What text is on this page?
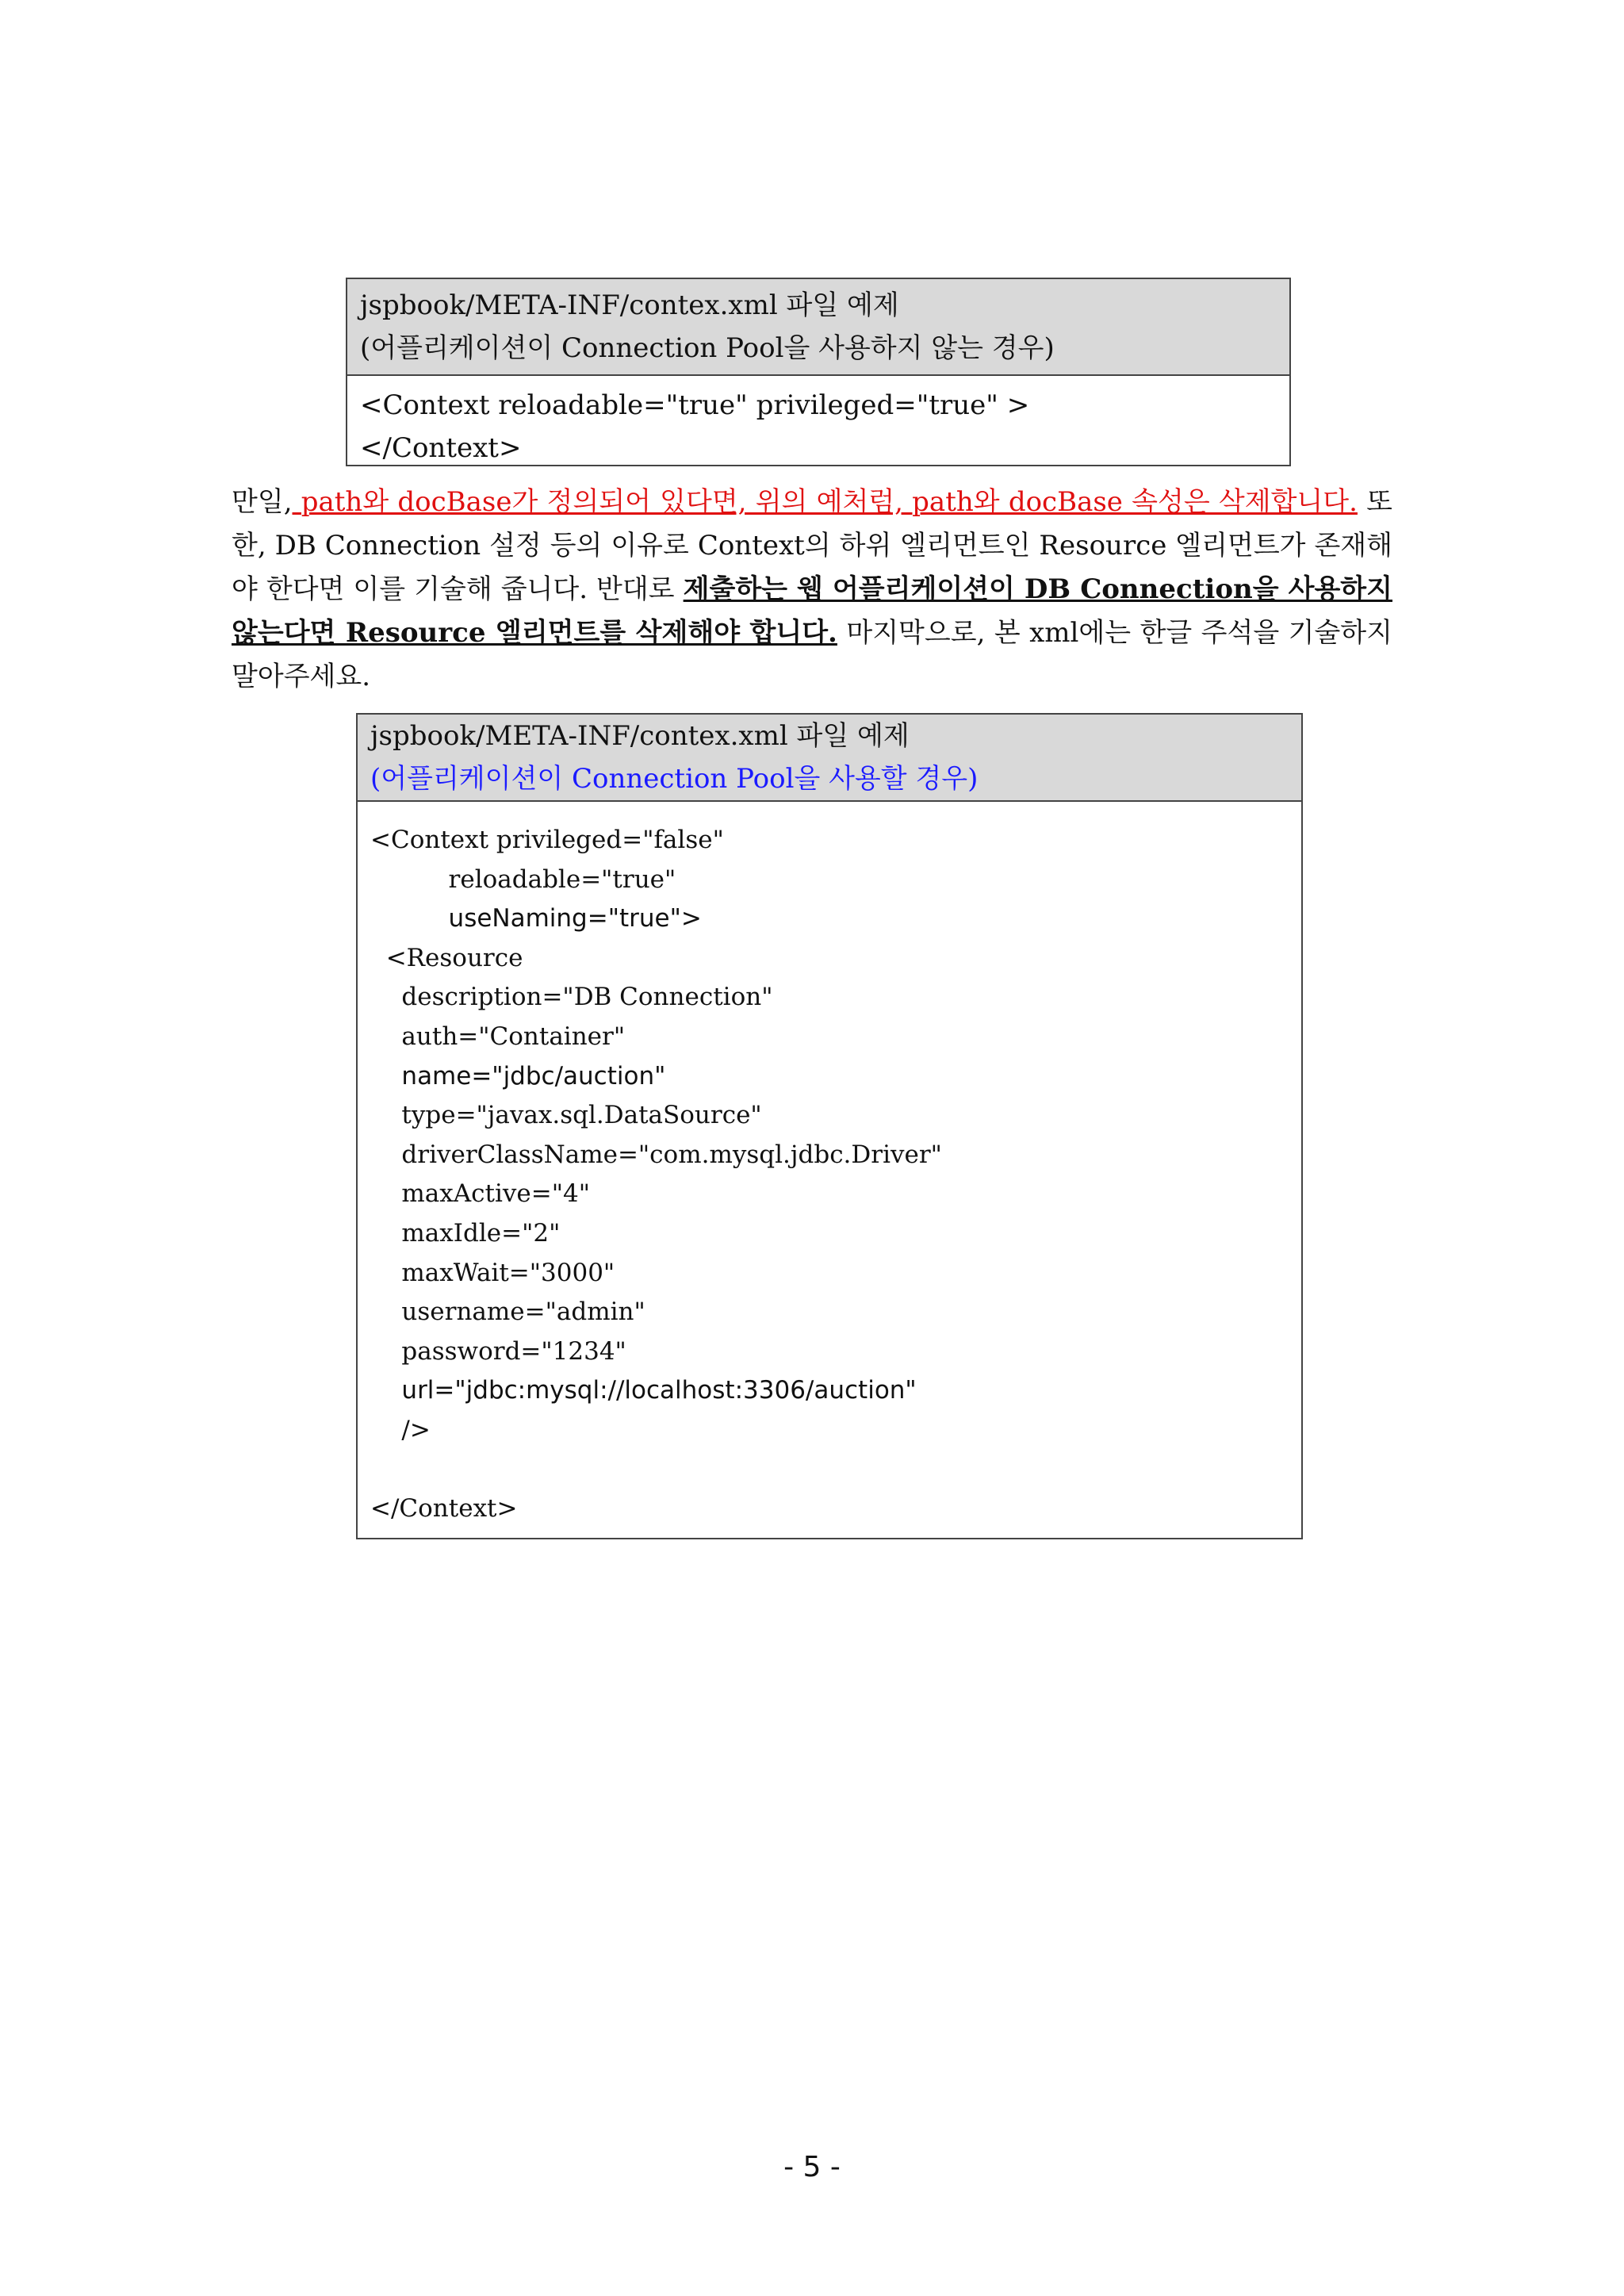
jspbook/META-INF/contex.xml 파일 예제
(어플리케이션이 Connection Pool을 사용하지 않는 경우)
<Context reloadable="true" privileged="true" >
</Context>
만일, path와 docBase가 정의되어 있다면, 위의 예처럼, path와 docBase 속성은 삭제합니다. 또한, DB Connection 설정 등의 이유로 Context의 하위 엘리먼트인 Resource 엘리먼트가 존재해야 한다면 이를 기술해 줍니다. 반대로 제출하는 웹 어플리케이션이 DB Connection을 사용하지 않는다면 Resource 엘리먼트를 삭제해야 합니다. 마지막으로, 본 xml에는 한글 주석을 기술하지 말아주세요.
jspbook/META-INF/contex.xml 파일 예제
(어플리케이션이 Connection Pool을 사용할 경우)
<Context privileged="false"
reloadable="true"
useNaming="true">
<Resource
description="DB Connection"
auth="Container"
name="jdbc/auction"
type="javax.sql.DataSource"
driverClassName="com.mysql.jdbc.Driver"
maxActive="4"
maxIdle="2"
maxWait="3000"
username="admin"
password="1234"
url="jdbc:mysql://localhost:3306/auction"
/>

</Context>
- 5 -
